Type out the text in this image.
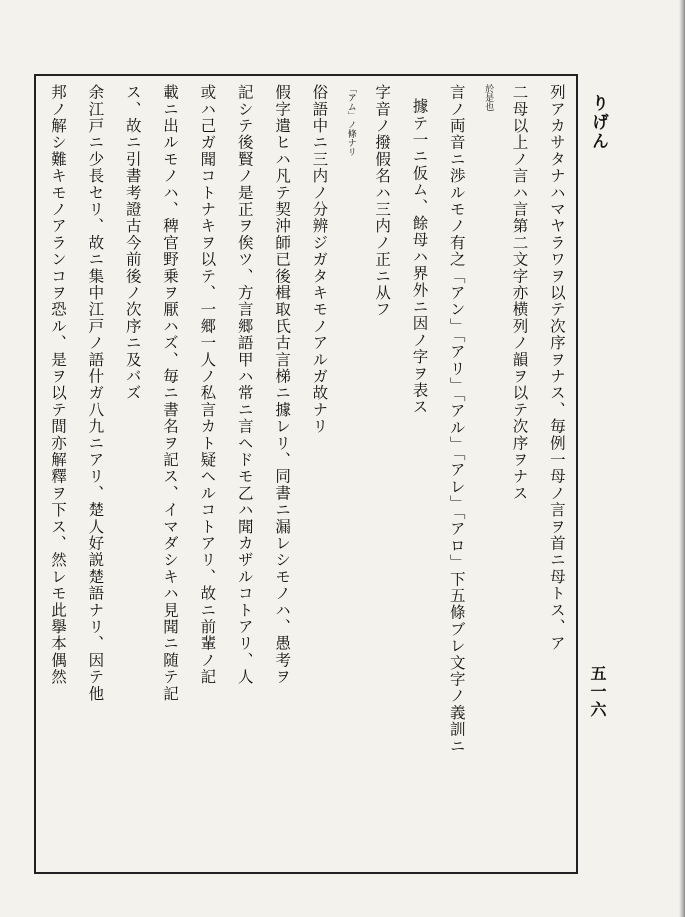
りげん
五一六
列アカサタナハマヤラワヲ以テ次序ヲナス、毎例一母ノ言ヲ首ニ母トス、ア
二母以上ノ言ハ言第二文字亦横列ノ韻ヲ以テ次序ヲナス
於是也
言ノ両音ニ渉ルモノ有之「アン」「アリ」「アル」「アレ」「アロ」下五條ブレ文字ノ義訓ニ
據テ一ニ仮ム、餘母ハ界外ニ因ノ字ヲ表ス
字音ノ撥假名ハ三内ノ正ニ从フ
「アム」ノ條ナリ
俗語中ニ三内ノ分辨ジガタキモノアルガ故ナリ
假字遣ヒハ凡テ契沖師已後楫取氏古言梯ニ據レリ、同書ニ漏レシモノハ、愚考ヲ
記シテ後賢ノ是正ヲ俟ツ、方言郷語甲ハ常ニ言ヘドモ乙ハ聞カザルコトアリ、人
或ハ己ガ聞コトナキヲ以テ、一郷一人ノ私言カト疑ヘルコトアリ、故ニ前輩ノ記
載ニ出ルモノハ、稗官野乗ヲ厭ハズ、毎ニ書名ヲ記ス、イマダシキハ見聞ニ随テ記
ス、故ニ引書考證古今前後ノ次序ニ及バズ
余江戸ニ少長セリ、故ニ集中江戸ノ語什ガ八九ニアリ、楚人好説楚語ナリ、因テ他
邦ノ解シ難キモノアランコヲ恐ル、是ヲ以テ間亦解釋ヲ下ス、然レモ此擧本偶然
